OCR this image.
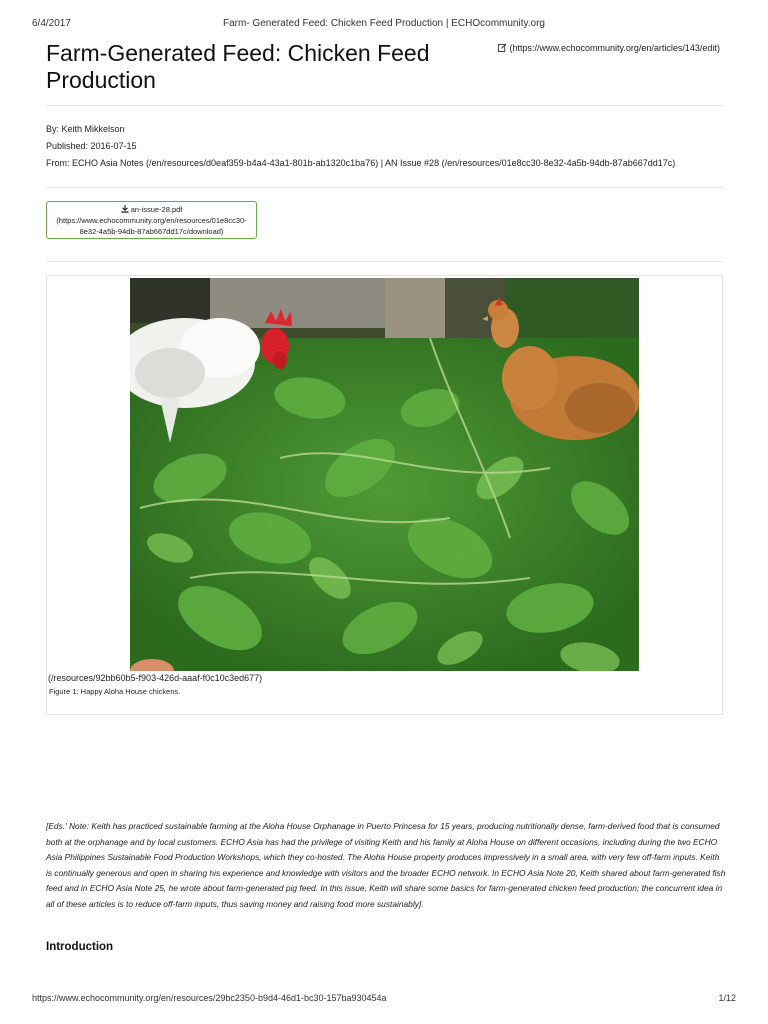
6/4/2017	Farm- Generated Feed: Chicken Feed Production | ECHOcommunity.org
Farm-Generated Feed: Chicken Feed Production
(https://www.echocommunity.org/en/articles/143/edit)
By: Keith Mikkelson
Published: 2016-07-15
From: ECHO Asia Notes (/en/resources/d0eaf359-b4a4-43a1-801b-ab1320c1ba76) | AN Issue #28 (/en/resources/01e8cc30-8e32-4a5b-94db-87ab667dd17c)
an-issue-28.pdf
(https://www.echocommunity.org/en/resources/01e8cc30-
8e32-4a5b-94db-87ab667dd17c/download)
(/resources/92bb60b5-f903-426d-aaaf-f0c10c3ed677)
Figure 1: Happy Aloha House chickens.
[Eds.' Note: Keith has practiced sustainable farming at the Aloha House Orphanage in Puerto Princesa for 15 years, producing nutritionally dense, farm-derived food that is consumed both at the orphanage and by local customers. ECHO Asia has had the privilege of visiting Keith and his family at Aloha House on different occasions, including during the two ECHO Asia Philippines Sustainable Food Production Workshops, which they co-hosted. The Aloha House property produces impressively in a small area, with very few off-farm inputs. Keith is continually generous and open in sharing his experience and knowledge with visitors and the broader ECHO network. In ECHO Asia Note 20, Keith shared about farm-generated fish feed and in ECHO Asia Note 25, he wrote about farm-generated pig feed. In this issue, Keith will share some basics for farm-generated chicken feed production; the concurrent idea in all of these articles is to reduce off-farm inputs, thus saving money and raising food more sustainably].
Introduction
https://www.echocommunity.org/en/resources/29bc2350-b9d4-46d1-bc30-157ba930454a	1/12
